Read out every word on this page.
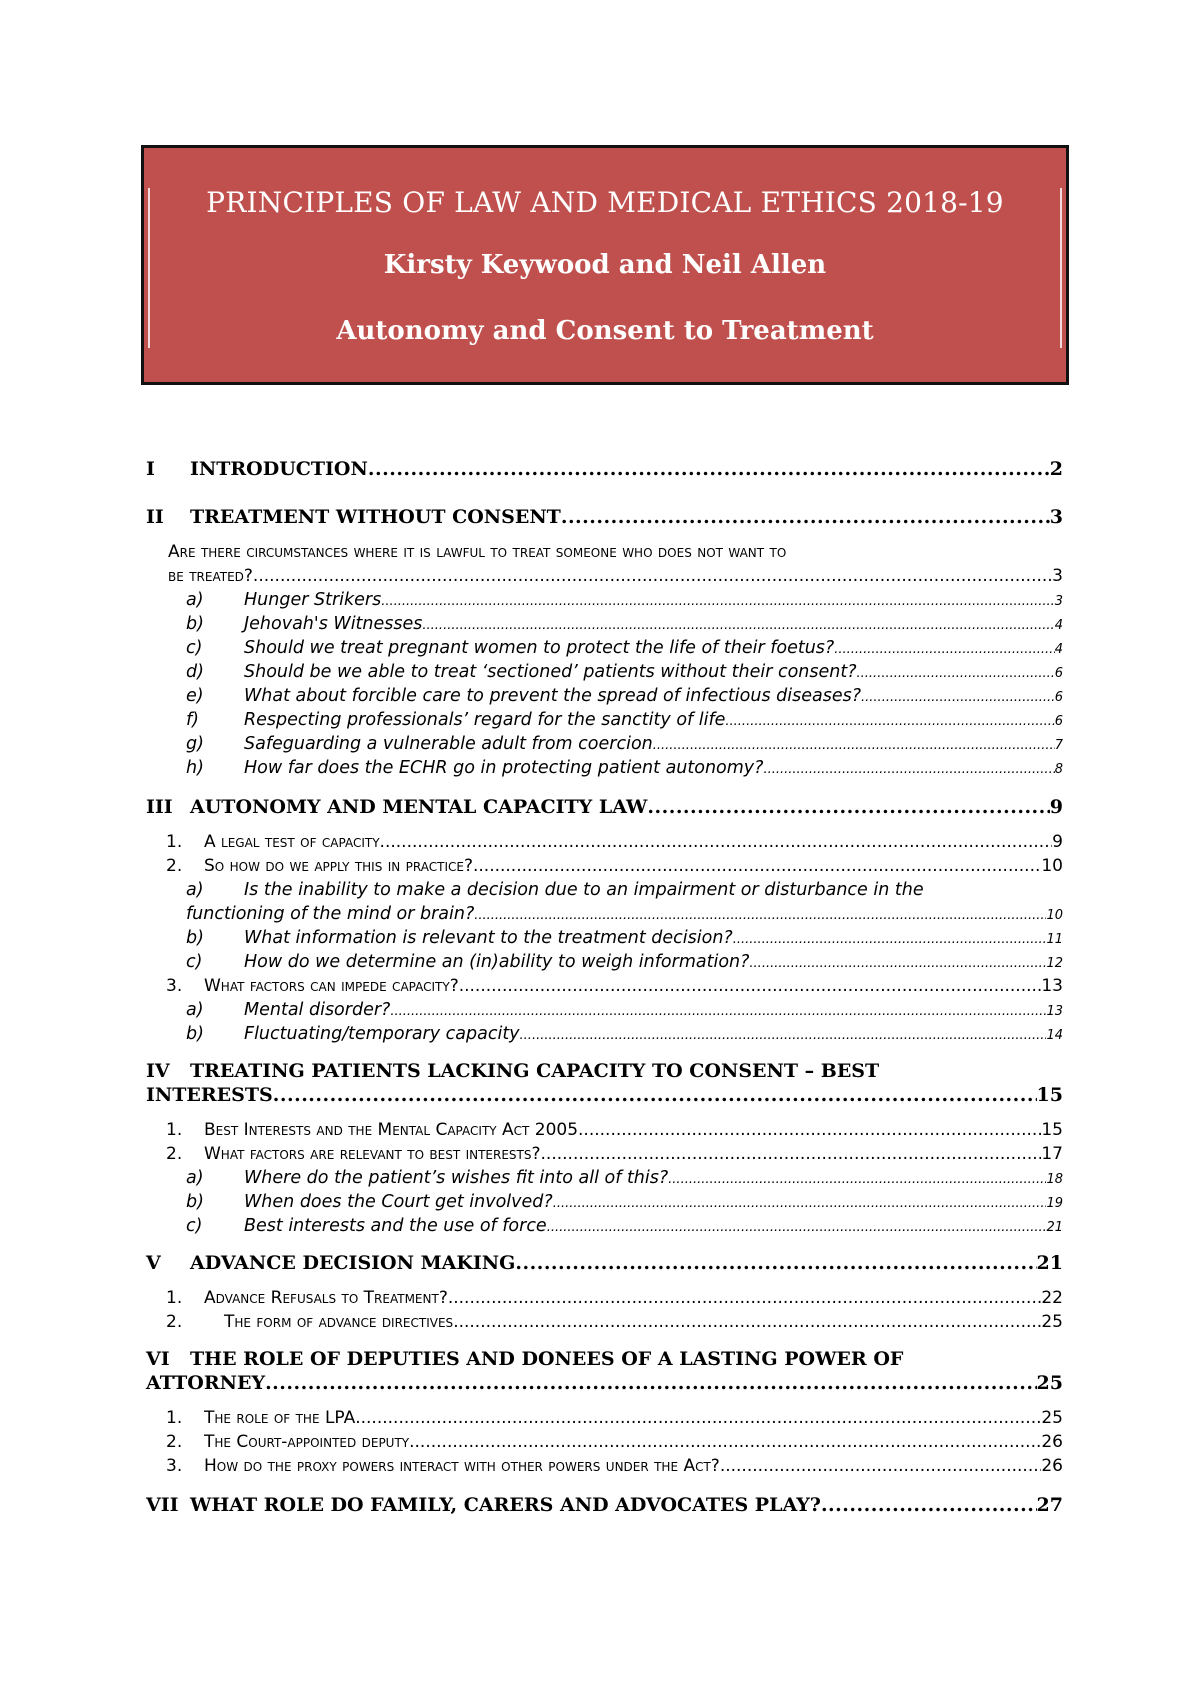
PRINCIPLES OF LAW AND MEDICAL ETHICS 2018-19
Kirsty Keywood and Neil Allen
Autonomy and Consent to Treatment
I INTRODUCTION .....	2
II TREATMENT WITHOUT CONSENT .....	3
Are there circumstances where it is lawful to treat someone who does not want to
be treated? .....	3
a) Hunger Strikers .....	3
b) Jehovah's Witnesses .....	4
c) Should we treat pregnant women to protect the life of their foetus? .....	4
d) Should be we able to treat ‘sectioned’ patients without their consent? .....	6
e) What about forcible care to prevent the spread of infectious diseases? .....	6
f)	Respecting professionals’ regard for the sanctity of life .....	6
g) Safeguarding a vulnerable adult from coercion .....	7
h) How far does the ECHR go in protecting patient autonomy? .....	8
III AUTONOMY AND MENTAL CAPACITY LAW .....	9
1. A legal test of capacity .....	9
2. So how do we apply this in practice? .....	10
a) Is the inability to make a decision due to an impairment or disturbance in the
functioning of the mind or brain? .....	10
b) What information is relevant to the treatment decision? .....	11
c) How do we determine an (in)ability to weigh information? .....	12
3. What factors can impede capacity? .....	13
a) Mental disorder? .....	13
b) Fluctuating/temporary capacity .....	14
IV TREATING PATIENTS LACKING CAPACITY TO CONSENT – BEST
INTERESTS .....	15
1. Best Interests and the Mental Capacity Act 2005 .....	15
2. What factors are relevant to best interests? .....	17
a) Where do the patient’s wishes fit into all of this? .....	18
b) When does the Court get involved? .....	19
c) Best interests and the use of force .....	21
V ADVANCE DECISION MAKING .....	21
1. Advance Refusals to Treatment? .....	22
2. The form of advance directives .....	25
VI THE ROLE OF DEPUTIES AND DONEES OF A LASTING POWER OF
ATTORNEY .....	25
1. The role of the LPA .....	25
2. The Court-appointed deputy .....	26
3. How do the proxy powers interact with other powers under the Act? .....	26
VII WHAT ROLE DO FAMILY, CARERS AND ADVOCATES PLAY? .....	27
